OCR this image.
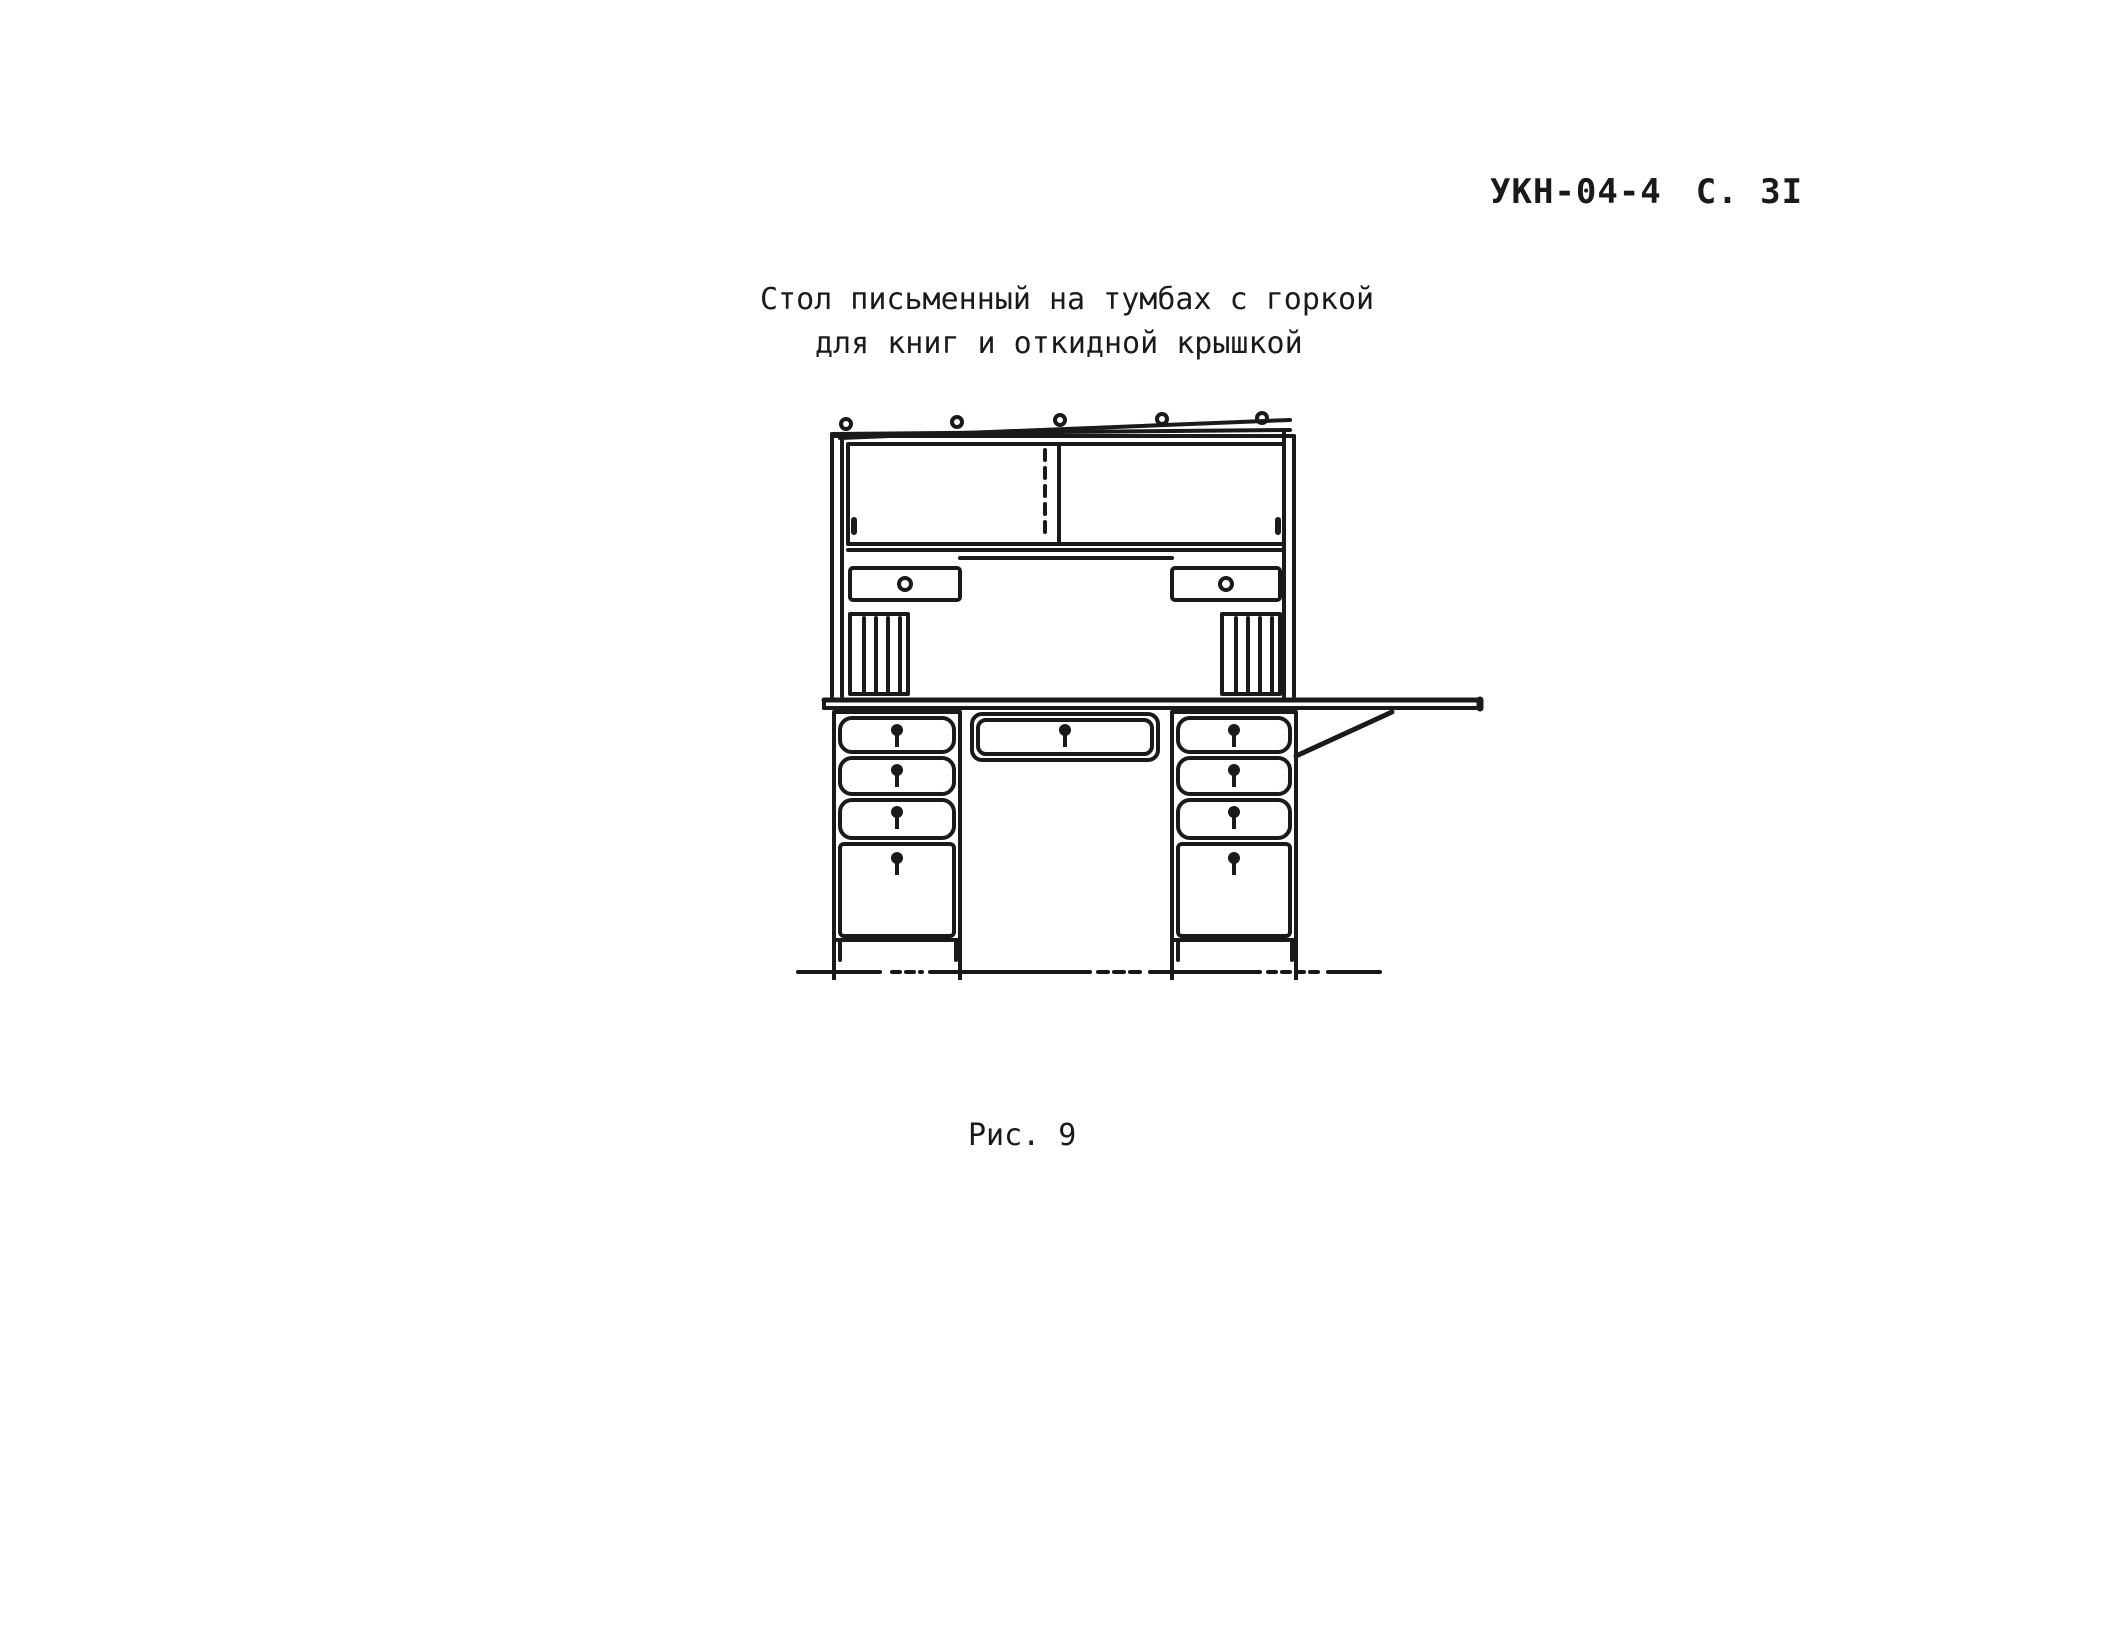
УКН-04-4 С. 3I
Стол письменный на тумбах с горкой
для книг и откидной крышкой
Рис. 9
